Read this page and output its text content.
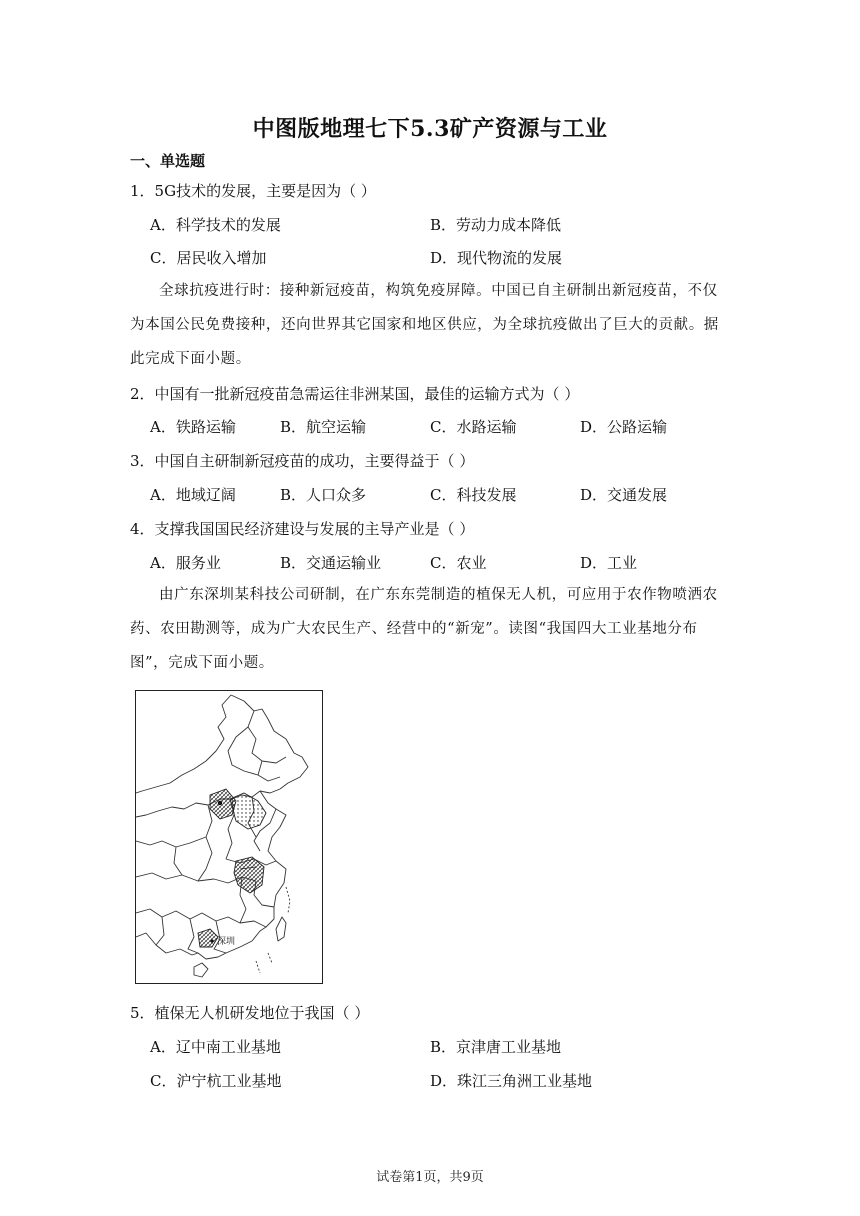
中图版地理七下5.3矿产资源与工业
一、单选题
1．5G技术的发展，主要是因为（ ）
A．科学技术的发展	B．劳动力成本降低
C．居民收入增加	D．现代物流的发展
全球抗疫进行时：接种新冠疫苗，构筑免疫屏障。中国已自主研制出新冠疫苗，不仅为本国公民免费接种，还向世界其它国家和地区供应，为全球抗疫做出了巨大的贡献。据此完成下面小题。
2．中国有一批新冠疫苗急需运往非洲某国，最佳的运输方式为（ ）
A．铁路运输	B．航空运输	C．水路运输	D．公路运输
3．中国自主研制新冠疫苗的成功，主要得益于（ ）
A．地域辽阔	B．人口众多	C．科技发展	D．交通发展
4．支撑我国国民经济建设与发展的主导产业是（ ）
A．服务业	B．交通运输业	C．农业	D．工业
由广东深圳某科技公司研制，在广东东莞制造的植保无人机，可应用于农作物喷洒农药、农田勘测等，成为广大农民生产、经营中的“新宠”。读图“我国四大工业基地分布图”，完成下面小题。
深圳
5．植保无人机研发地位于我国（ ）
A．辽中南工业基地	B．京津唐工业基地
C．沪宁杭工业基地	D．珠江三角洲工业基地
试卷第1页，共9页
